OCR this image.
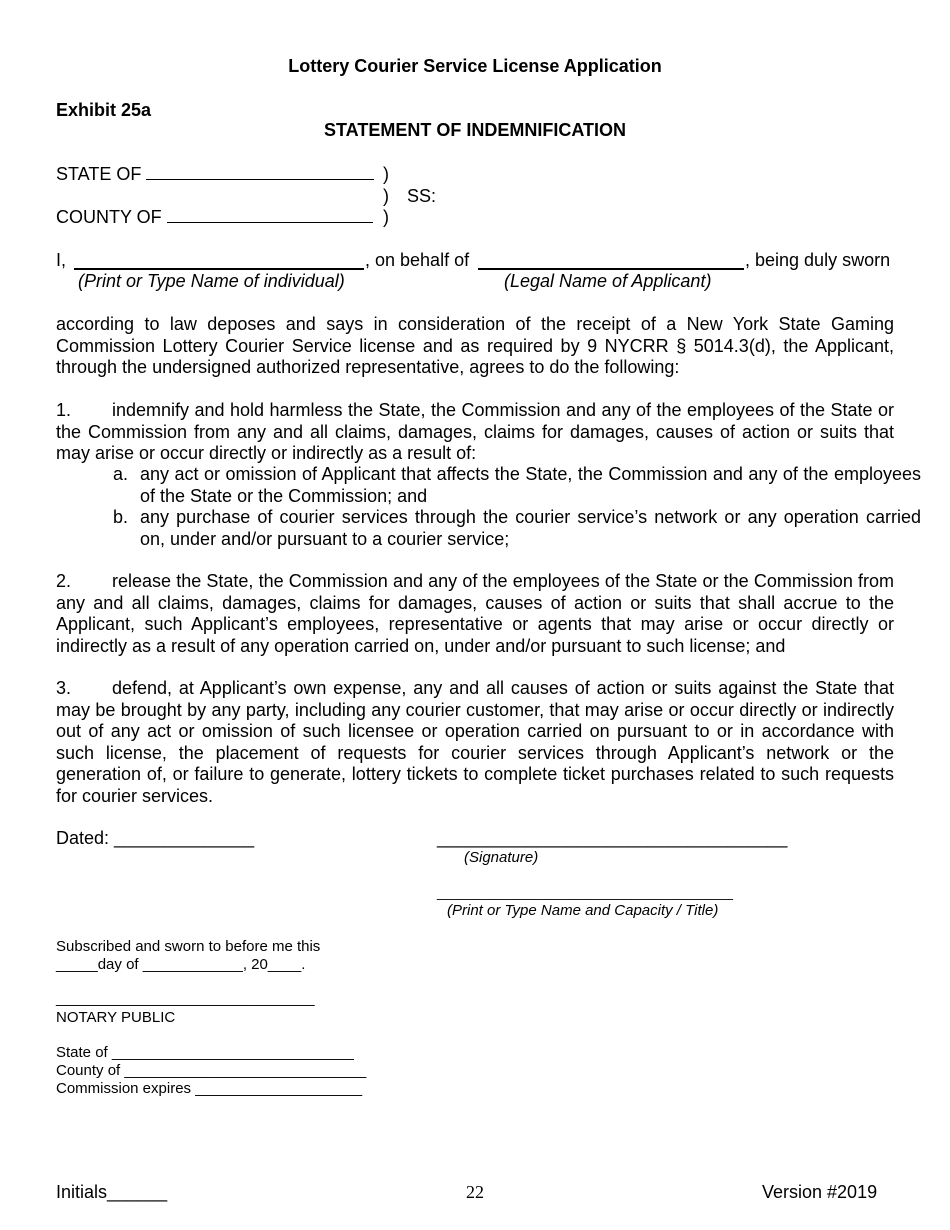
Lottery Courier Service License Application
Exhibit 25a
STATEMENT OF INDEMNIFICATION
STATE OF	)
) SS:
COUNTY OF	)
I,	, on behalf of	, being duly sworn
(Print or Type Name of individual)	(Legal Name of Applicant)
according to law deposes and says in consideration of the receipt of a New York State Gaming Commission Lottery Courier Service license and as required by 9 NYCRR § 5014.3(d), the Applicant, through the undersigned authorized representative, agrees to do the following:
1. indemnify and hold harmless the State, the Commission and any of the employees of the State or the Commission from any and all claims, damages, claims for damages, causes of action or suits that may arise or occur directly or indirectly as a result of:
a. any act or omission of Applicant that affects the State, the Commission and any of the employees of the State or the Commission; and
b. any purchase of courier services through the courier service’s network or any operation carried on, under and/or pursuant to a courier service;
2. release the State, the Commission and any of the employees of the State or the Commission from any and all claims, damages, claims for damages, causes of action or suits that shall accrue to the Applicant, such Applicant’s employees, representative or agents that may arise or occur directly or indirectly as a result of any operation carried on, under and/or pursuant to such license; and
3. defend, at Applicant’s own expense, any and all causes of action or suits against the State that may be brought by any party, including any courier customer, that may arise or occur directly or indirectly out of any act or omission of such licensee or operation carried on pursuant to or in accordance with such license, the placement of requests for courier services through Applicant’s network or the generation of, or failure to generate, lottery tickets to complete ticket purchases related to such requests for courier services.
Dated: ______________	___________________________________
(Signature)
______________________________________
(Print or Type Name and Capacity / Title)
Subscribed and sworn to before me this
_____day of ____________, 20____.
_______________________________
NOTARY PUBLIC
State of _____________________________
County of _____________________________
Commission expires ____________________
Initials______	22	Version #2019
